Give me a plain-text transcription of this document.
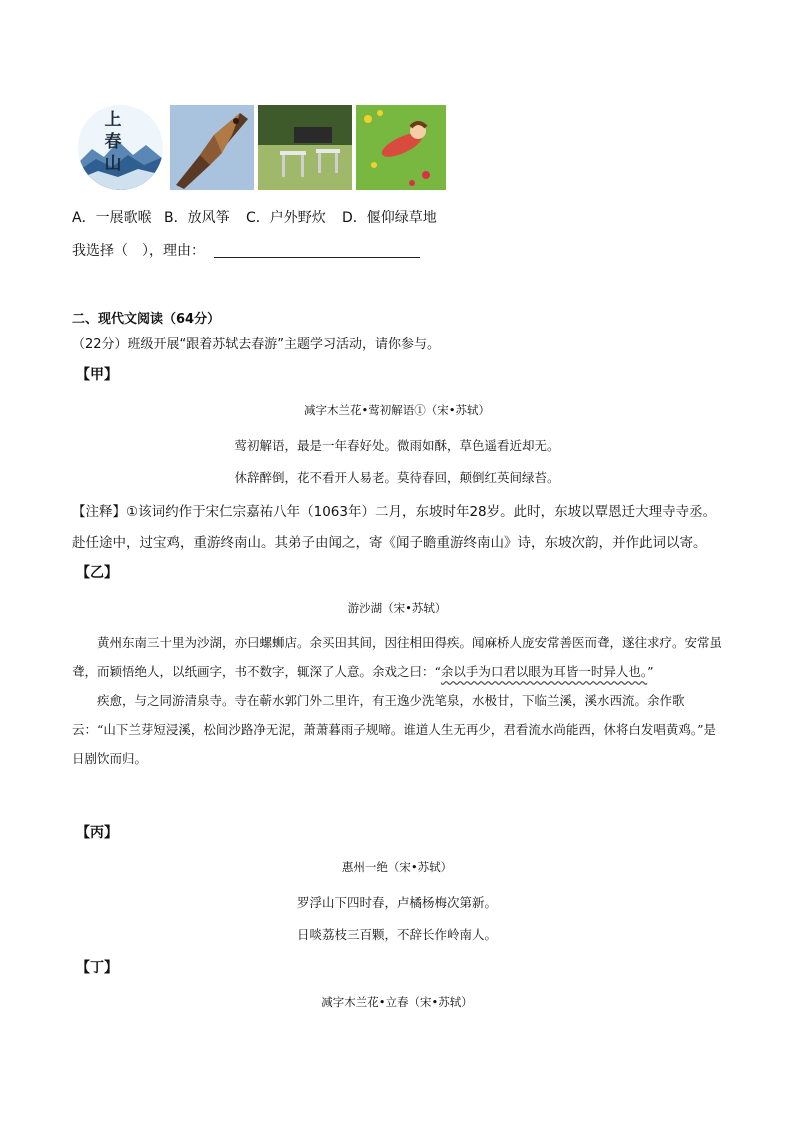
上春山
A．一展歌喉 B．放风筝 C．户外野炊 D．偃仰绿草地
我选择（　），理由：
二、现代文阅读（64分）
（22分）班级开展“跟着苏轼去春游”主题学习活动，请你参与。
【甲】
减字木兰花•莺初解语①（宋•苏轼）
莺初解语，最是一年春好处。微雨如酥，草色遥看近却无。
休辞醉倒，花不看开人易老。莫待春回，颠倒红英间绿苔。
【注释】①该词约作于宋仁宗嘉祐八年（1063年）二月，东坡时年28岁。此时，东坡以覃恩迁大理寺寺丞。
赴任途中，过宝鸡，重游终南山。其弟子由闻之，寄《闻子瞻重游终南山》诗，东坡次韵，并作此词以寄。
【乙】
游沙湖（宋•苏轼）

黄州东南三十里为沙湖，亦曰螺蛳店。余买田其间，因往相田得疾。闻麻桥人庞安常善医而聋，遂往求疗。安常虽聋，而颖悟绝人，以纸画字，书不数字，辄深了人意。余戏之曰：“余以手为口君以眼为耳皆一时异人也。”

疾愈，与之同游清泉寺。寺在蕲水郭门外二里许，有王逸少洗笔泉，水极甘，下临兰溪，溪水西流。余作歌云：“山下兰芽短浸溪，松间沙路净无泥，萧萧暮雨子规啼。谁道人生无再少，君看流水尚能西，休将白发唱黄鸡。”是日剧饮而归。

【丙】
惠州一绝（宋•苏轼）
罗浮山下四时春，卢橘杨梅次第新。
日啖荔枝三百颗，不辞长作岭南人。
【丁】
减字木兰花•立春（宋•苏轼）
